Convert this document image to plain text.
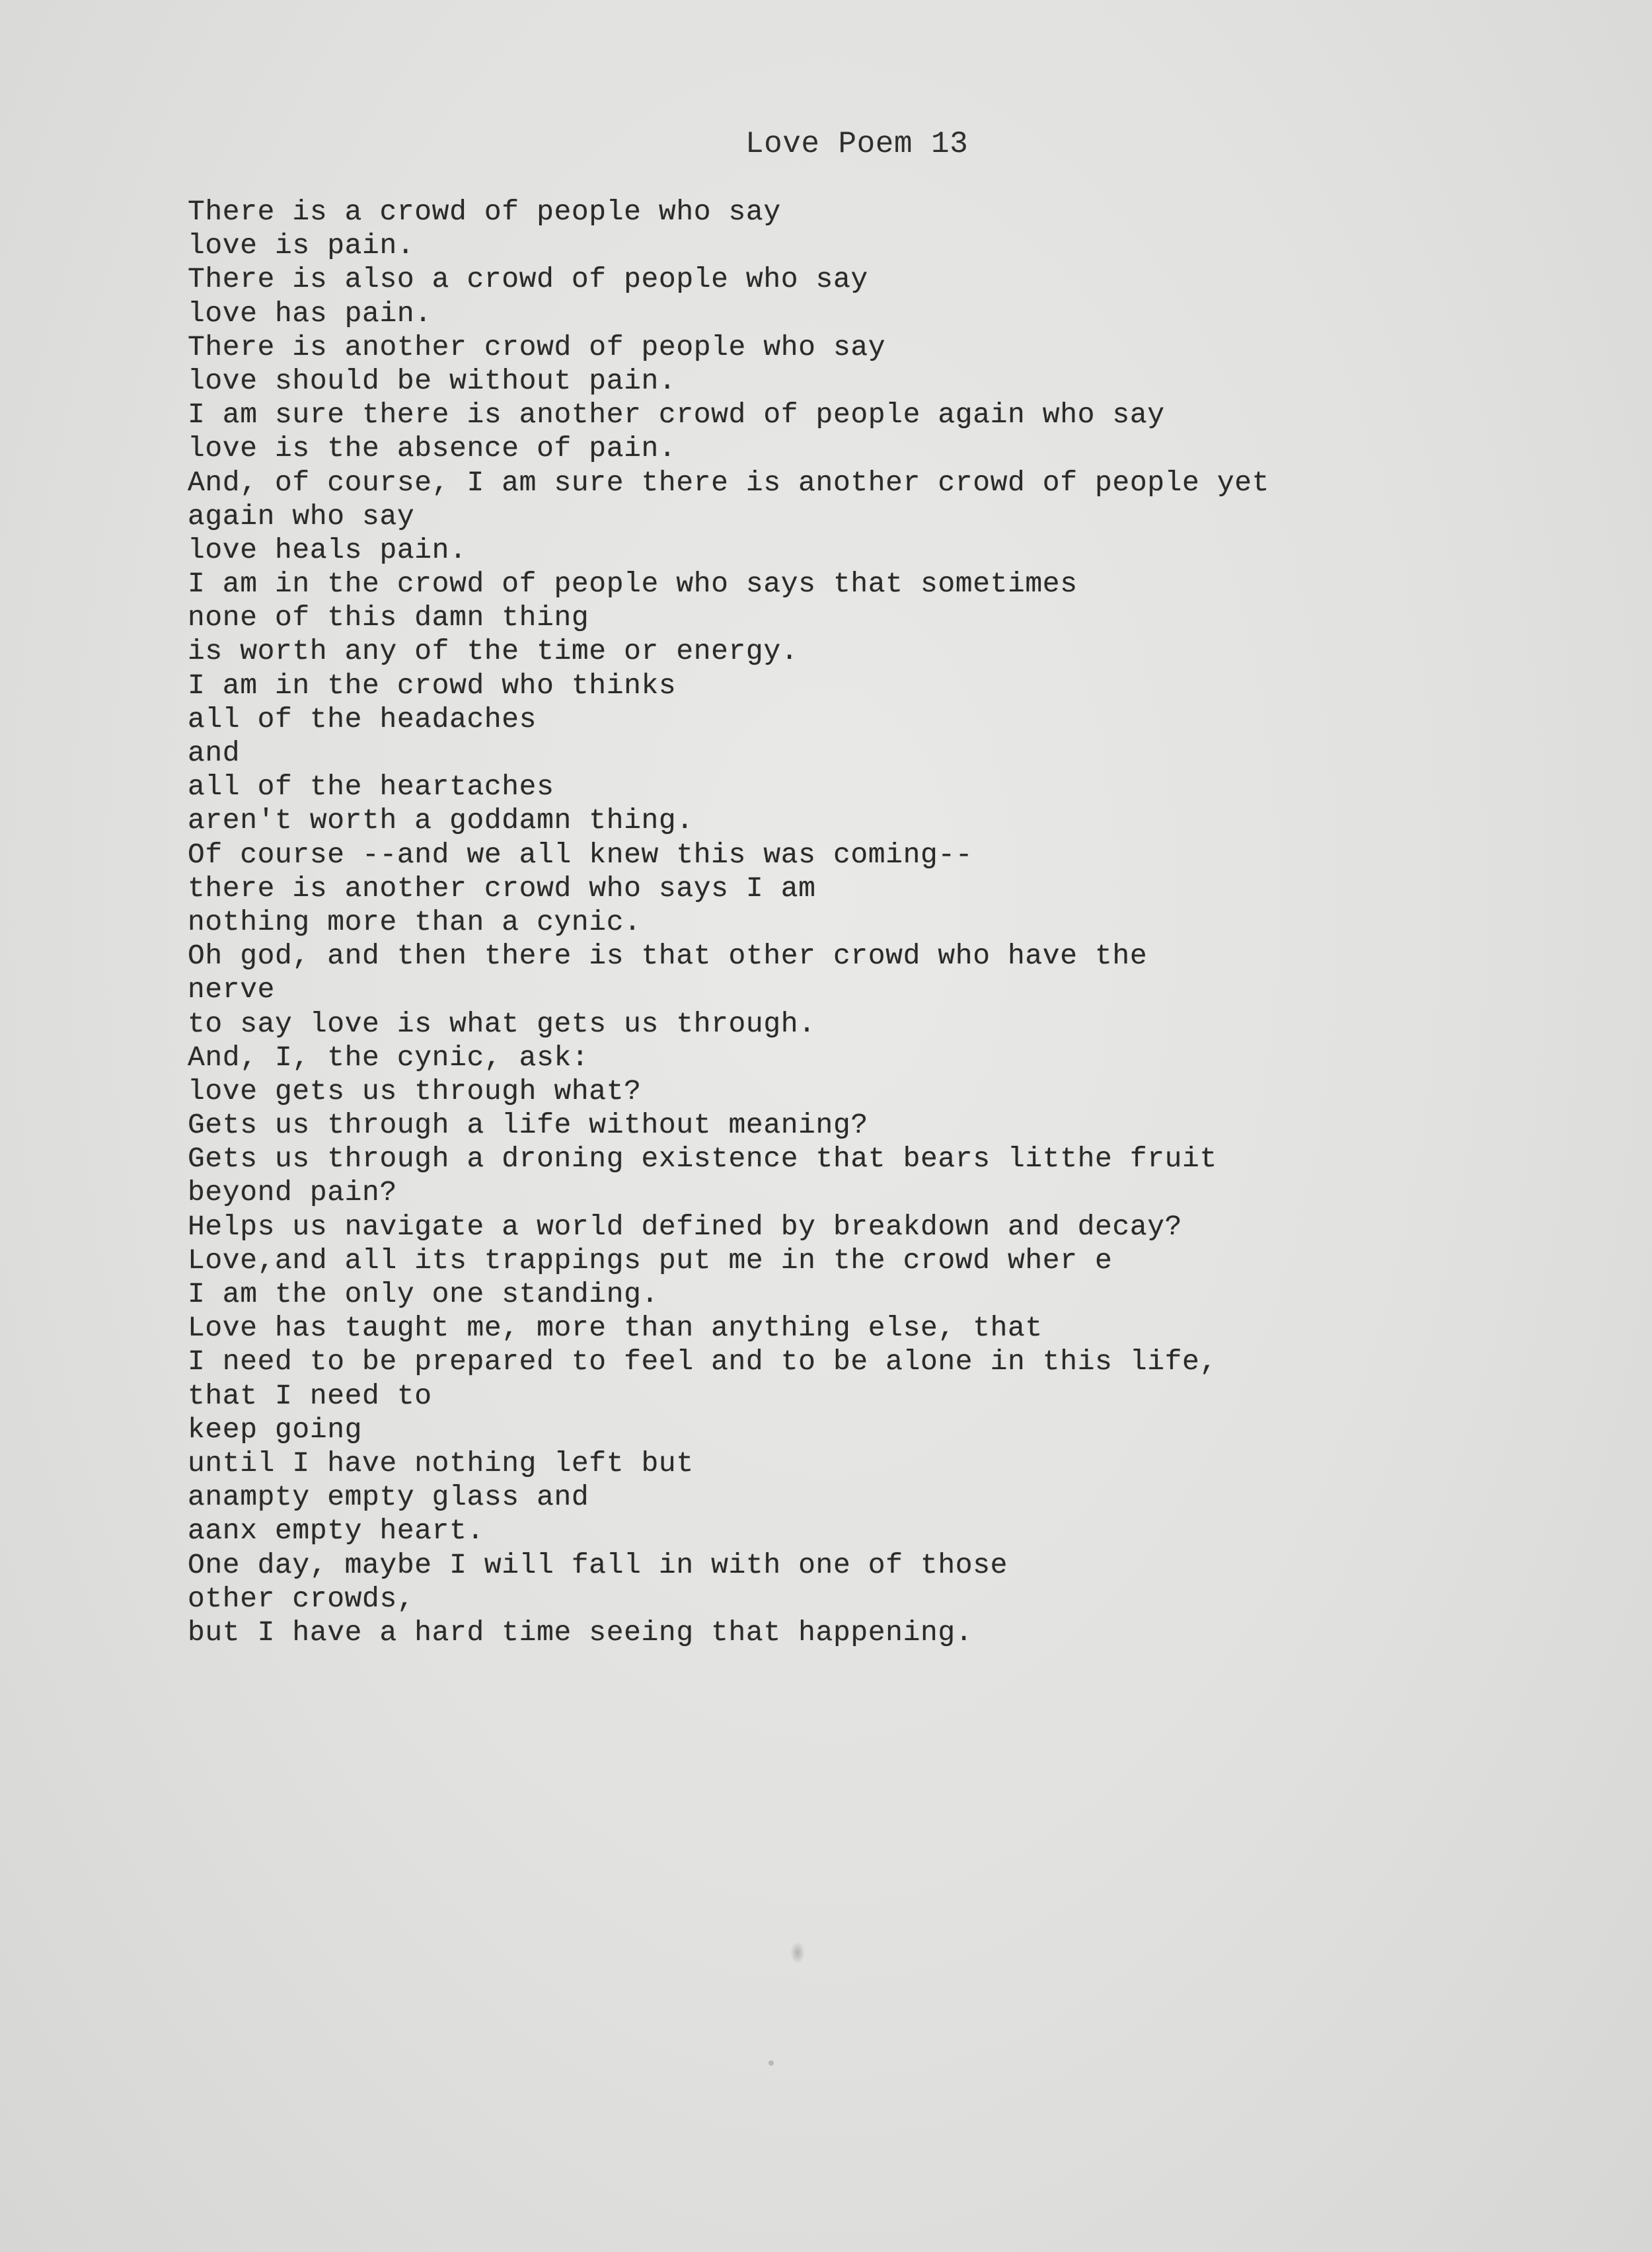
Love Poem 13
There is a crowd of people who say
love is pain.
There is also a crowd of people who say
love has pain.
There is another crowd of people who say
love should be without pain.
I am sure there is another crowd of people again who say
love is the absence of pain.
And, of course, I am sure there is another crowd of people yet
again who say
love heals pain.
I am in the crowd of people who says that sometimes
none of this damn thing
is worth any of the time or energy.
I am in the crowd who thinks
all of the headaches
and
all of the heartaches
aren't worth a goddamn thing.
Of course --and we all knew this was coming--
there is another crowd who says I am
nothing more than a cynic.
Oh god, and then there is that other crowd who have the
nerve
to say love is what gets us through.
And, I, the cynic, ask:
love gets us through what?
Gets us through a life without meaning?
Gets us through a droning existence that bears litthe fruit
beyond pain?
Helps us navigate a world defined by breakdown and decay?
Love,and all its trappings put me in the crowd wher e
I am the only one standing.
Love has taught me, more than anything else, that
I need to be prepared to feel and to be alone in this life,
that I need to
keep going
until I have nothing left but
anampty empty glass and
aanx empty heart.
One day, maybe I will fall in with one of those
other crowds,
but I have a hard time seeing that happening.
